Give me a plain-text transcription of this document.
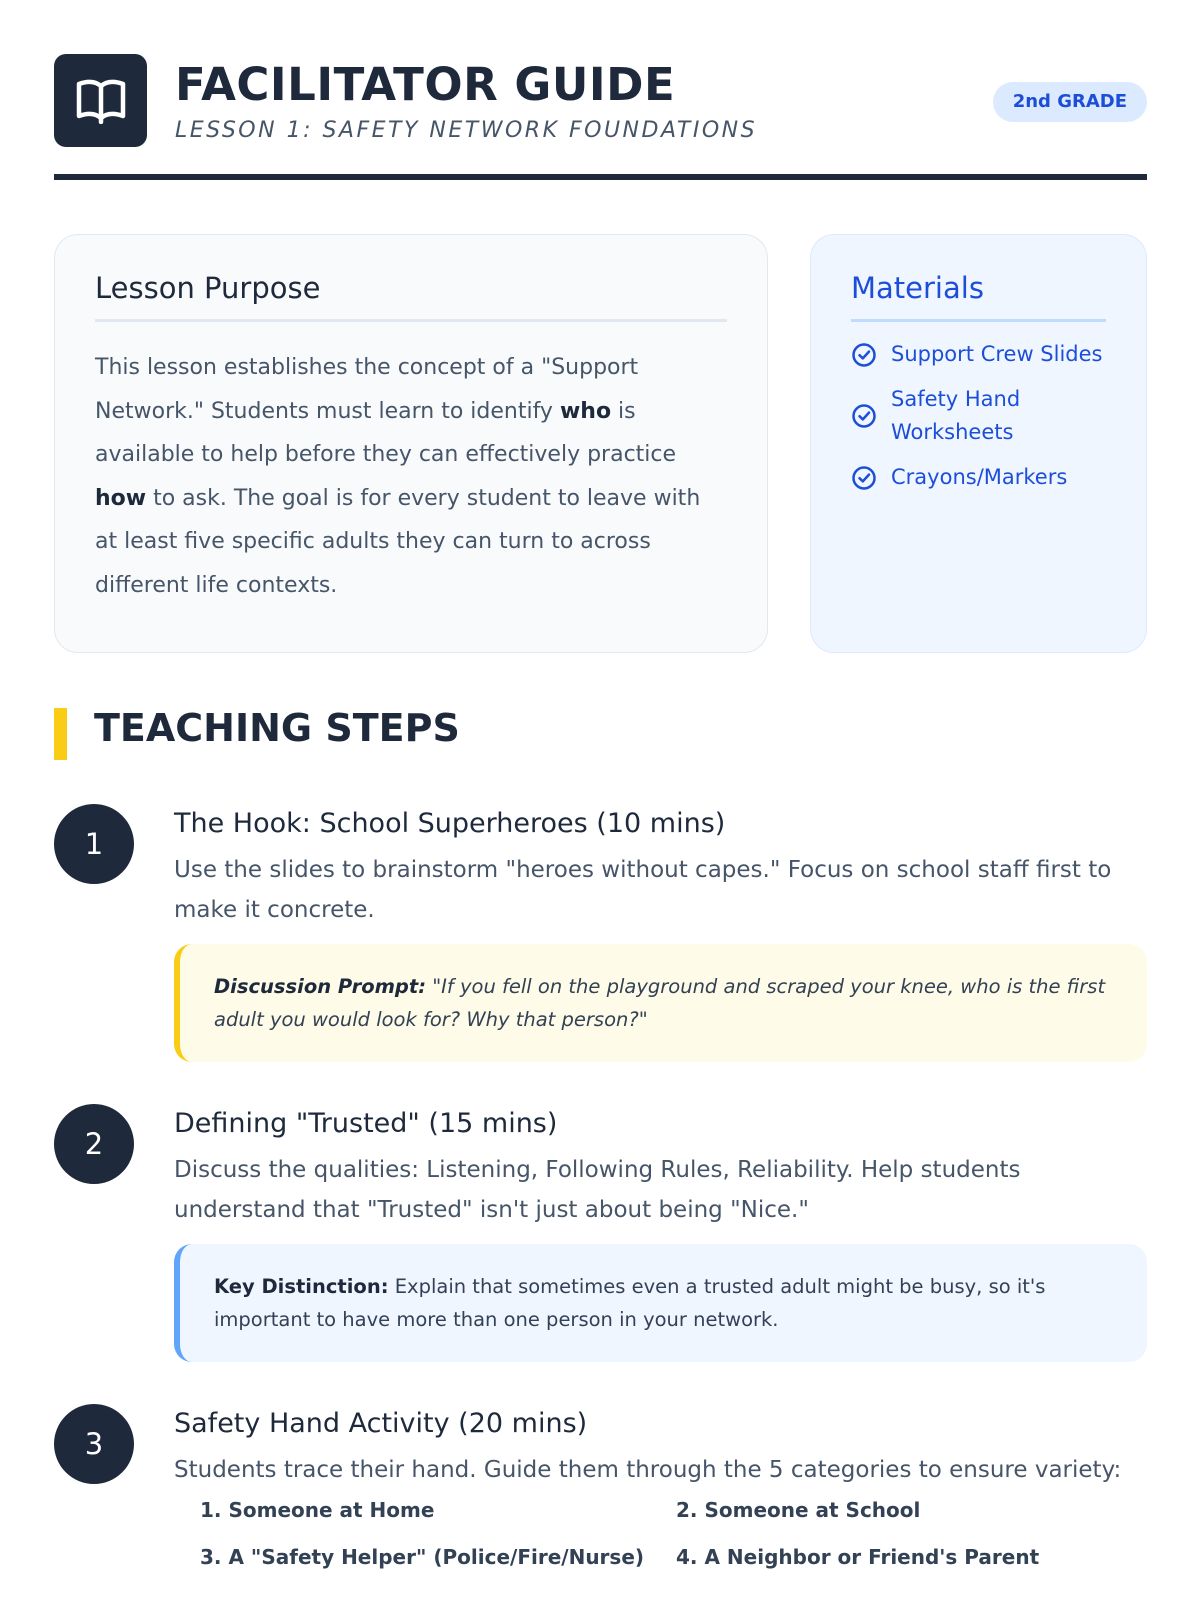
FACILITATOR GUIDE
LESSON 1: SAFETY NETWORK FOUNDATIONS
2nd GRADE
Lesson Purpose

This lesson establishes the concept of a "Support Network." Students must learn to identify who is available to help before they can effectively practice how to ask. The goal is for every student to leave with at least five specific adults they can turn to across different life contexts.

Materials
Support Crew Slides
Safety Hand Worksheets
Crayons/Markers
TEACHING STEPS
1
The Hook: School Superheroes (10 mins)
Use the slides to brainstorm "heroes without capes." Focus on school staff first to make it concrete.
Discussion Prompt: "If you fell on the playground and scraped your knee, who is the first adult you would look for? Why that person?"
2
Defining "Trusted" (15 mins)
Discuss the qualities: Listening, Following Rules, Reliability. Help students understand that "Trusted" isn't just about being "Nice."
Key Distinction: Explain that sometimes even a trusted adult might be busy, so it's important to have more than one person in your network.
3
Safety Hand Activity (20 mins)
Students trace their hand. Guide them through the 5 categories to ensure variety:
1. Someone at Home	2. Someone at School
3. A "Safety Helper" (Police/Fire/Nurse)	4. A Neighbor or Friend's Parent
